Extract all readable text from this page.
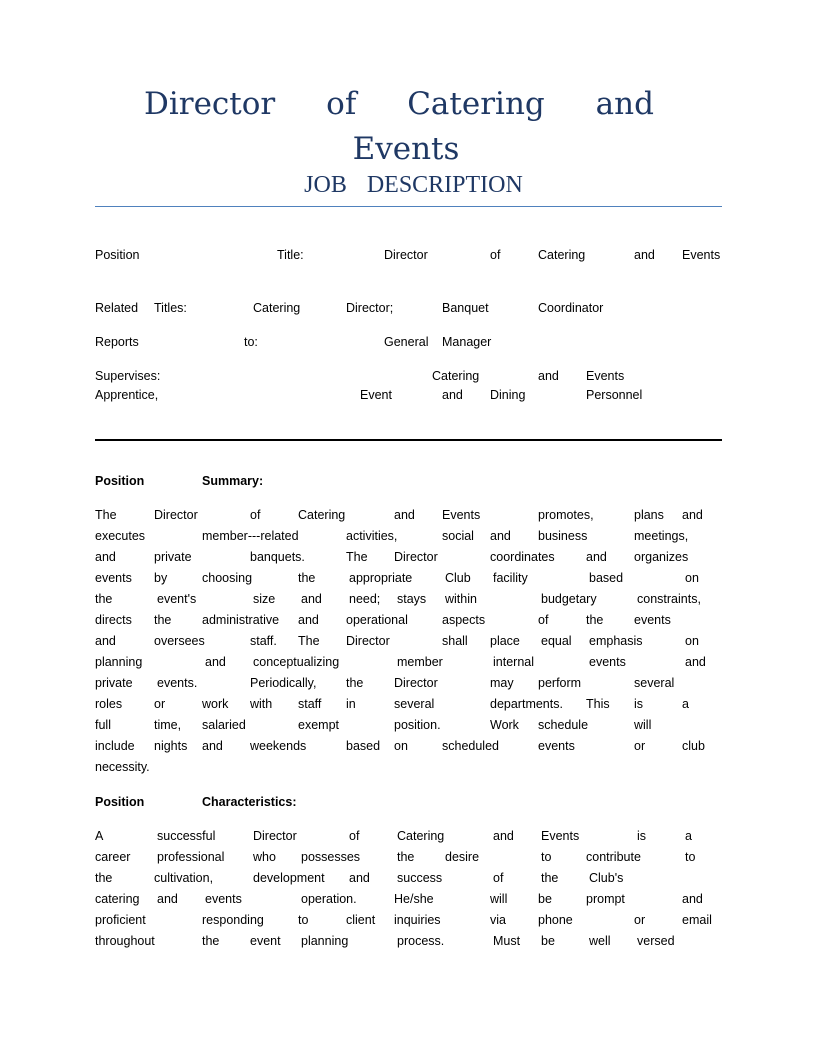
Director of Catering and
Events
JOB DESCRIPTION
Position	Title:	Director	of	Catering	and Events
Related Titles:	Catering	Director;	Banquet	Coordinator
Reports	to:	General Manager
Supervises:	Catering	and Events
Apprentice,	Event	and Dining	Personnel
Position	Summary:
The	Director	of	Catering	and Events	promotes,	plans and
executes	member---related	activities,	social and business	meetings,
and	private	banquets.	The Director	coordinates	and organizes
events by	choosing	the	appropriate	Club facility	based	on
the	event's	size and need; stays within	budgetary	constraints,
directs the administrative and operational	aspects	of	the events
and	oversees	staff. The Director	shall place equal emphasis	on
planning	and conceptualizing	member	internal	events	and
private events.	Periodically, the Director	may perform	several
roles	or	work with staff in	several	departments. This is	a
full	time, salaried	exempt	position.	Work schedule	will
include nights and weekends	based on	scheduled	events	or	club
necessity.
Position	Characteristics:
A	successful	Director	of	Catering	and Events	is	a
career professional who possesses	the desire	to	contribute	to
the	cultivation,	development and success	of	the Club's
catering and events	operation.	He/she	will be	prompt	and
proficient	responding	to	client inquiries	via	phone	or	email
throughout	the event planning	process.	Must be	well versed
